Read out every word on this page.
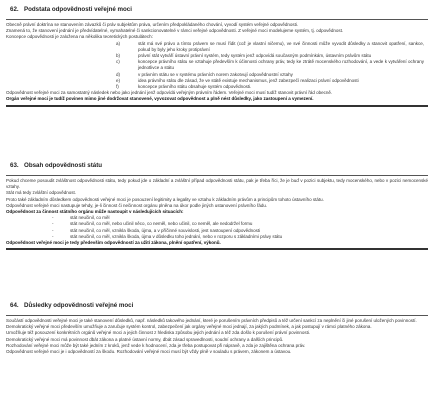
62. Podstata odpovědnosti veřejné moci

Obecně právní doktrína se stanovením závazků či práv subjektům práva, určením předpokládaného chování, vyvodí systém veřejné odpovědnosti.

Znamená to, že stanovení jednání je předvídatelné, vymahatelné či sankcionovatelné v rámci veřejné odpovědnosti. Z veřejné moci modelujeme systém, tj. odpovědnost.

Koncepce odpovědnosti je založena na několika teoretických postulátech:

a)	stát má své právo a tímto právem se musí řídit (což je vlastní ničemu), ve své činnosti může vyvodit důsledky a stanovit opatření, sankce, pokud by byly jeho kroky protiprávní
b)	právní stát vytváří ústavní právní systém, tedy systém jenž odpovídá současným podmínkám, ústavním právům státu
c)	koncepce právního státu se vztahuje především k účinnosti ochrany práv, tedy ke ztrátě mocenského rozhodování, a vede k vytváření ochrany jednotlivce a státu
d)	v právním státu se v systému právních norem zakotvují odpovědnostní vztahy
e)	idea právního státu dle zásad, že ve státě existuje mechanismus, jenž zabezpečí realizaci právní odpovědnosti
f)	koncepce právního státu obsahuje systém odpovědnosti.

Odpovědnost veřejné moci za samostatný následek nebo jako jednání jenž odpovídá veřejným právním řádem. Veřejné moci musí tudíž stanovit právní řád obecně.

Orgán veřejné moci je tudíž povinen mimo jiné dodržovat stanovené, vyvozovat odpovědnost a plně nést důsledky, jako zastoupení a vymezení.

63. Obsah odpovědnosti státu

Pokud chceme posoudit zvláštnost odpovědnosti státu, tedy pokud jde o základní a zvláštní případ odpovědnosti státu, pak je třeba říci, že je buď v pozici subjektu, tedy mocenského, nebo v pozici nemocenské vztahy.

Stát má tedy zvláštní odpovědnost.

Proto také základním důsledkem odpovědnosti veřejné moci je posouzení legitimity a legality ve vztahu k základním právům a principům tohoto ústavního státu.

Odpovědnost veřejné moci nastupuje tehdy, je-li činnost či nečinnost orgánu plněna na úkor podle jiných ustanovení právního řádu.

Odpovědnost za činnost státního orgánu může nastoupit v následujících situacích:

-	stát neučinil, co měl
-	stát neučinil, co měl, nebo učinil něco, co neměl, nebo učinil, co neměl, ale nedodržel formu
-	stát neučinil, co měl, vznikla škoda, újma, a v příčinné souvislosti, jest nastoupení odpovědnosti
-	stát neučinil, co měl, vznikla škoda, újma v důsledku toho jednání, nebo v rozporu s základními právy státu

Odpovědnost veřejné moci je tedy především odpovědností za užití zákona, plnění opatření, výkonů.

64. Důsledky odpovědnosti veřejné moci

Součástí odpovědnosti veřejné moci je také stanovení důsledků, např. následků takového jednání, které je porušením právních předpisů a též určení sankcí za neplnění či jiné porušení uložených povinností.

Demokratický veřejné moci především umožňuje a zaručuje systém kontrol, zabezpečení jak orgány veřejné moci jednají, za jakých podmínek, a jak postupují v rámci platného zákona.

Umožňuje též posouzení konkrétních orgánů veřejné moci a jejich činnost z hlediska způsobu jejich jednání a též zda došlo k porušení právní povinnosti.

Demokratický veřejné moci má povinnost dbát zákona a platné ústavní normy, dbát zásad spravedlnosti, soudní ochrany a dalších principů.

Rozhodování veřejné moci může být také jedním z kroků, jenž vede k hodnocení, zda je třeba postupovat při nápravě, a zda je zajištěna ochrana práv.

Odpovědnost veřejné moci je i odpovědností za škodu. Rozhodování veřejné moci musí být vždy plně v souladu s právem, zákonem a ústavou.
